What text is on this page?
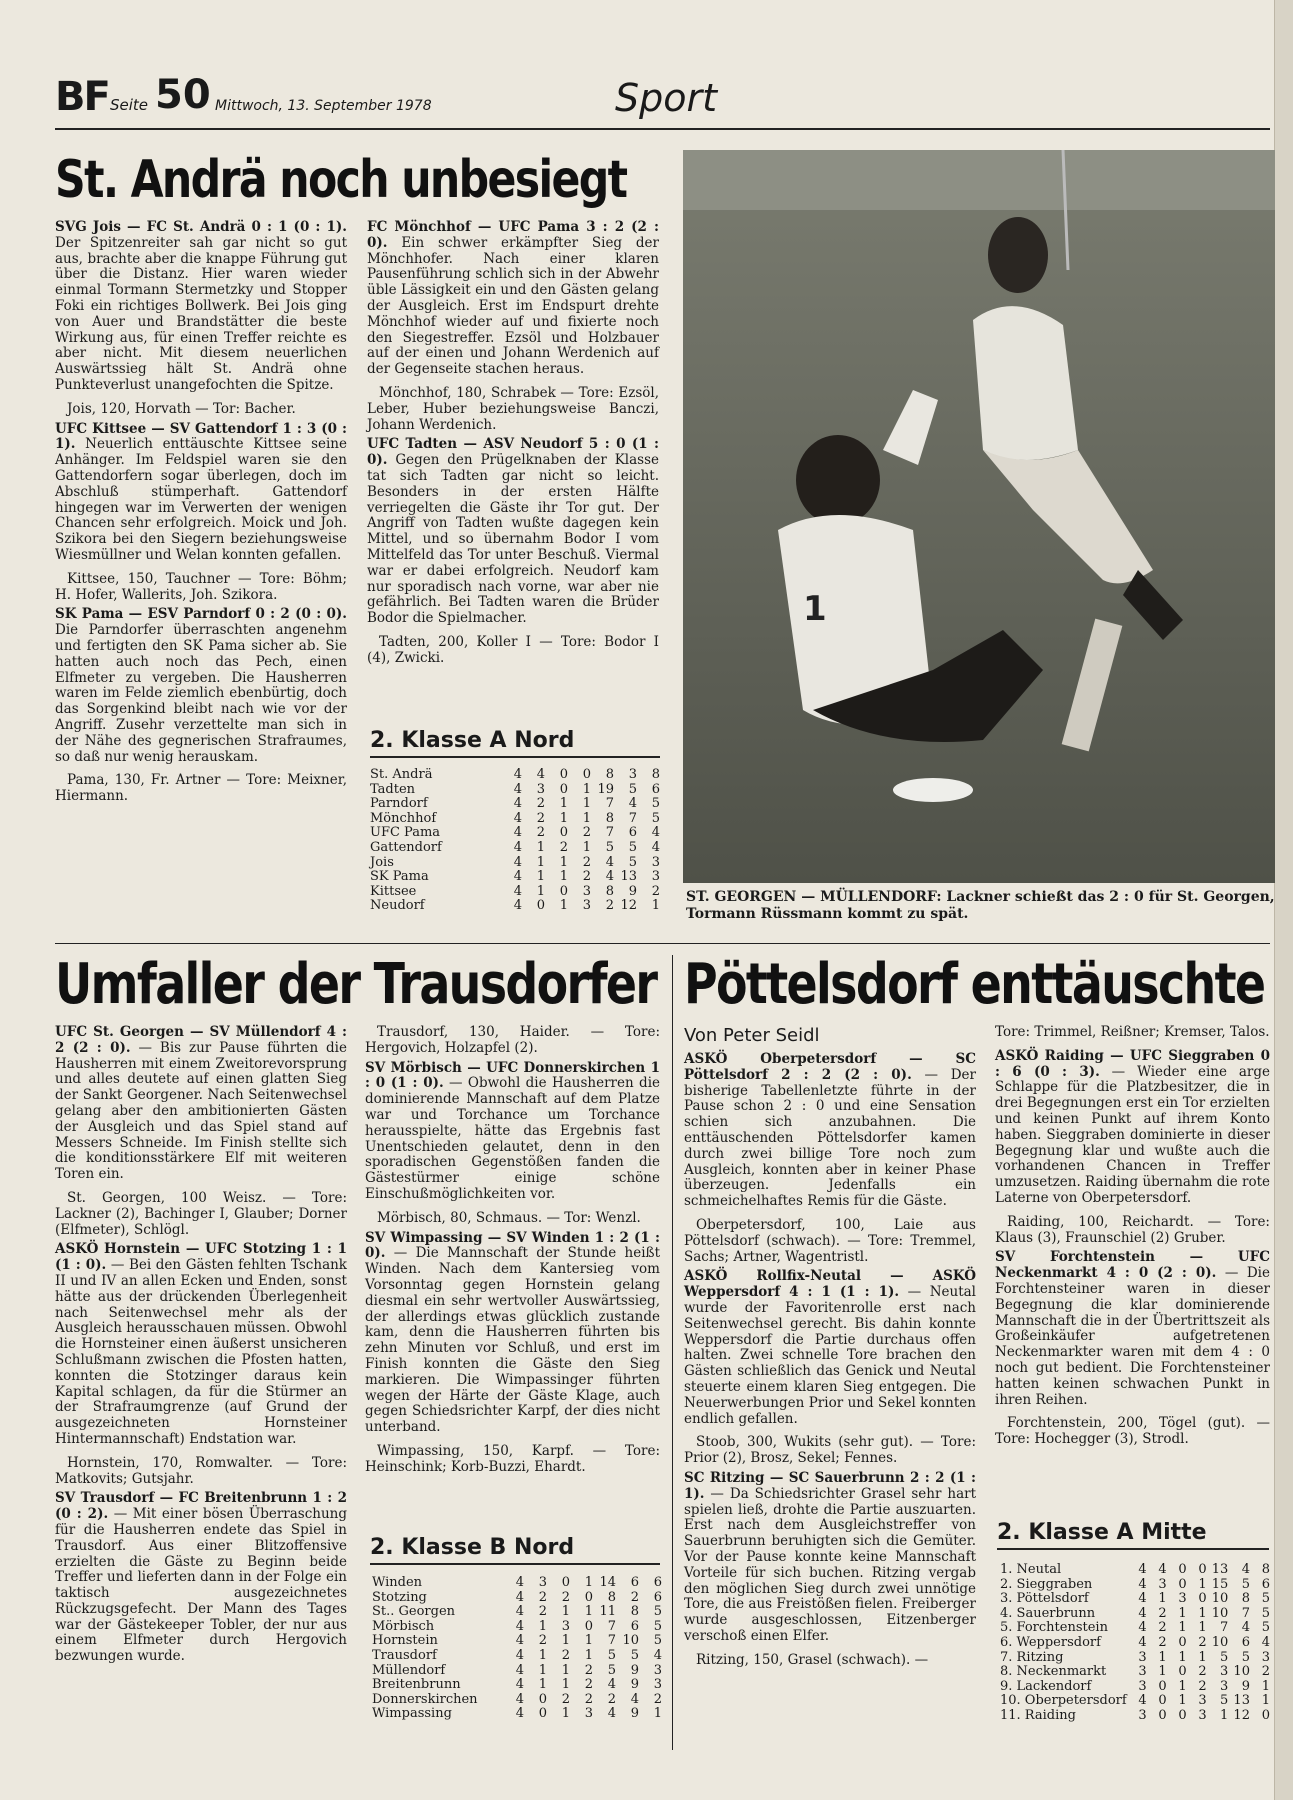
BF Seite 50 Mittwoch, 13. September 1978	Sport
St. Andrä noch unbesiegt

SVG Jois — FC St. Andrä 0 : 1 (0 : 1). Der Spitzenreiter sah gar nicht so gut aus, brachte aber die knappe Führung gut über die Distanz. Hier waren wieder einmal Tormann Stermetzky und Stopper Foki ein richtiges Bollwerk. Bei Jois ging von Auer und Brandstätter die beste Wirkung aus, für einen Treffer reichte es aber nicht. Mit diesem neuerlichen Auswärtssieg hält St. Andrä ohne Punkteverlust unangefochten die Spitze.

Jois, 120, Horvath — Tor: Bacher.

UFC Kittsee — SV Gattendorf 1 : 3 (0 : 1). Neuerlich enttäuschte Kittsee seine Anhänger. Im Feldspiel waren sie den Gattendorfern sogar überlegen, doch im Abschluß stümperhaft. Gattendorf hingegen war im Verwerten der wenigen Chancen sehr erfolgreich. Moick und Joh. Szikora bei den Siegern beziehungsweise Wiesmüllner und Welan konnten gefallen.

Kittsee, 150, Tauchner — Tore: Böhm; H. Hofer, Wallerits, Joh. Szikora.

SK Pama — ESV Parndorf 0 : 2 (0 : 0). Die Parndorfer überraschten angenehm und fertigten den SK Pama sicher ab. Sie hatten auch noch das Pech, einen Elfmeter zu vergeben. Die Hausherren waren im Felde ziemlich ebenbürtig, doch das Sorgenkind bleibt nach wie vor der Angriff. Zusehr verzettelte man sich in der Nähe des gegnerischen Strafraumes, so daß nur wenig herauskam.

Pama, 130, Fr. Artner — Tore: Meixner, Hiermann.

FC Mönchhof — UFC Pama 3 : 2 (2 : 0). Ein schwer erkämpfter Sieg der Mönchhofer. Nach einer klaren Pausenführung schlich sich in der Abwehr üble Lässigkeit ein und den Gästen gelang der Ausgleich. Erst im Endspurt drehte Mönchhof wieder auf und fixierte noch den Siegestreffer. Ezsöl und Holzbauer auf der einen und Johann Werdenich auf der Gegenseite stachen heraus.

Mönchhof, 180, Schrabek — Tore: Ezsöl, Leber, Huber beziehungsweise Banczi, Johann Werdenich.

UFC Tadten — ASV Neudorf 5 : 0 (1 : 0). Gegen den Prügelknaben der Klasse tat sich Tadten gar nicht so leicht. Besonders in der ersten Hälfte verriegelten die Gäste ihr Tor gut. Der Angriff von Tadten wußte dagegen kein Mittel, und so übernahm Bodor I vom Mittelfeld das Tor unter Beschuß. Viermal war er dabei erfolgreich. Neudorf kam nur sporadisch nach vorne, war aber nie gefährlich. Bei Tadten waren die Brüder Bodor die Spielmacher.

Tadten, 200, Koller I — Tore: Bodor I (4), Zwicki.

2. Klasse A Nord
St. Andrä	4	4	0	0	8	3	8
Tadten	4	3	0	1	19	5	6
Parndorf	4	2	1	1	7	4	5
Mönchhof	4	2	1	1	8	7	5
UFC Pama	4	2	0	2	7	6	4
Gattendorf	4	1	2	1	5	5	4
Jois	4	1	1	2	4	5	3
SK Pama	4	1	1	2	4	13	3
Kittsee	4	1	0	3	8	9	2
Neudorf	4	0	1	3	2	12	1
1
ST. GEORGEN — MÜLLENDORF: Lackner schießt das 2 : 0 für St. Georgen, Tormann Rüssmann kommt zu spät.
Umfaller der Trausdorfer

UFC St. Georgen — SV Müllendorf 4 : 2 (2 : 0). — Bis zur Pause führten die Hausherren mit einem Zweitorevorsprung und alles deutete auf einen glatten Sieg der Sankt Georgener. Nach Seitenwechsel gelang aber den ambitionierten Gästen der Ausgleich und das Spiel stand auf Messers Schneide. Im Finish stellte sich die konditionsstärkere Elf mit weiteren Toren ein.

St. Georgen, 100 Weisz. — Tore: Lackner (2), Bachinger I, Glauber; Dorner (Elfmeter), Schlögl.

ASKÖ Hornstein — UFC Stotzing 1 : 1 (1 : 0). — Bei den Gästen fehlten Tschank II und IV an allen Ecken und Enden, sonst hätte aus der drückenden Überlegenheit nach Seitenwechsel mehr als der Ausgleich herausschauen müssen. Obwohl die Hornsteiner einen äußerst unsicheren Schlußmann zwischen die Pfosten hatten, konnten die Stotzinger daraus kein Kapital schlagen, da für die Stürmer an der Strafraumgrenze (auf Grund der ausgezeichneten Hornsteiner Hintermannschaft) Endstation war.

Hornstein, 170, Romwalter. — Tore: Matkovits; Gutsjahr.

SV Trausdorf — FC Breitenbrunn 1 : 2 (0 : 2). — Mit einer bösen Überraschung für die Hausherren endete das Spiel in Trausdorf. Aus einer Blitzoffensive erzielten die Gäste zu Beginn beide Treffer und lieferten dann in der Folge ein taktisch ausgezeichnetes Rückzugsgefecht. Der Mann des Tages war der Gästekeeper Tobler, der nur aus einem Elfmeter durch Hergovich bezwungen wurde.

Trausdorf, 130, Haider. — Tore: Hergovich, Holzapfel (2).

SV Mörbisch — UFC Donnerskirchen 1 : 0 (1 : 0). — Obwohl die Hausherren die dominierende Mannschaft auf dem Platze war und Torchance um Torchance herausspielte, hätte das Ergebnis fast Unentschieden gelautet, denn in den sporadischen Gegenstößen fanden die Gästestürmer einige schöne Einschußmöglichkeiten vor.

Mörbisch, 80, Schmaus. — Tor: Wenzl.

SV Wimpassing — SV Winden 1 : 2 (1 : 0). — Die Mannschaft der Stunde heißt Winden. Nach dem Kantersieg vom Vorsonntag gegen Hornstein gelang diesmal ein sehr wertvoller Auswärtssieg, der allerdings etwas glücklich zustande kam, denn die Hausherren führten bis zehn Minuten vor Schluß, und erst im Finish konnten die Gäste den Sieg markieren. Die Wimpassinger führten wegen der Härte der Gäste Klage, auch gegen Schiedsrichter Karpf, der dies nicht unterband.

Wimpassing, 150, Karpf. — Tore: Heinschink; Korb-Buzzi, Ehardt.

2. Klasse B Nord
Winden	4	3	0	1	14	6	6
Stotzing	4	2	2	0	8	2	6
St.. Georgen	4	2	1	1	11	8	5
Mörbisch	4	1	3	0	7	6	5
Hornstein	4	2	1	1	7	10	5
Trausdorf	4	1	2	1	5	5	4
Müllendorf	4	1	1	2	5	9	3
Breitenbrunn	4	1	1	2	4	9	3
Donnerskirchen	4	0	2	2	2	4	2
Wimpassing	4	0	1	3	4	9	1
Pöttelsdorf enttäuschte
Von Peter Seidl

ASKÖ Oberpetersdorf — SC Pöttelsdorf 2 : 2 (2 : 0). — Der bisherige Tabellenletzte führte in der Pause schon 2 : 0 und eine Sensation schien sich anzubahnen. Die enttäuschenden Pöttelsdorfer kamen durch zwei billige Tore noch zum Ausgleich, konnten aber in keiner Phase überzeugen. Jedenfalls ein schmeichelhaftes Remis für die Gäste.

Oberpetersdorf, 100, Laie aus Pöttelsdorf (schwach). — Tore: Tremmel, Sachs; Artner, Wagentristl.

ASKÖ Rollfix-Neutal — ASKÖ Weppersdorf 4 : 1 (1 : 1). — Neutal wurde der Favoritenrolle erst nach Seitenwechsel gerecht. Bis dahin konnte Weppersdorf die Partie durchaus offen halten. Zwei schnelle Tore brachen den Gästen schließlich das Genick und Neutal steuerte einem klaren Sieg entgegen. Die Neuerwerbungen Prior und Sekel konnten endlich gefallen.

Stoob, 300, Wukits (sehr gut). — Tore: Prior (2), Brosz, Sekel; Fennes.

SC Ritzing — SC Sauerbrunn 2 : 2 (1 : 1). — Da Schiedsrichter Grasel sehr hart spielen ließ, drohte die Partie auszuarten. Erst nach dem Ausgleichstreffer von Sauerbrunn beruhigten sich die Gemüter. Vor der Pause konnte keine Mannschaft Vorteile für sich buchen. Ritzing vergab den möglichen Sieg durch zwei unnötige Tore, die aus Freistößen fielen. Freiberger wurde ausgeschlossen, Eitzenberger verschoß einen Elfer.

Ritzing, 150, Grasel (schwach). —

Tore: Trimmel, Reißner; Kremser, Talos.

ASKÖ Raiding — UFC Sieggraben 0 : 6 (0 : 3). — Wieder eine arge Schlappe für die Platzbesitzer, die in drei Begegnungen erst ein Tor erzielten und keinen Punkt auf ihrem Konto haben. Sieggraben dominierte in dieser Begegnung klar und wußte auch die vorhandenen Chancen in Treffer umzusetzen. Raiding übernahm die rote Laterne von Oberpetersdorf.

Raiding, 100, Reichardt. — Tore: Klaus (3), Fraunschiel (2) Gruber.

SV Forchtenstein — UFC Neckenmarkt 4 : 0 (2 : 0). — Die Forchtensteiner waren in dieser Begegnung die klar dominierende Mannschaft die in der Übertrittszeit als Großeinkäufer aufgetretenen Neckenmarkter waren mit dem 4 : 0 noch gut bedient. Die Forchtensteiner hatten keinen schwachen Punkt in ihren Reihen.

Forchtenstein, 200, Tögel (gut). — Tore: Hochegger (3), Strodl.

2. Klasse A Mitte
1. Neutal	4	4	0	0	13	4	8
2. Sieggraben	4	3	0	1	15	5	6
3. Pöttelsdorf	4	1	3	0	10	8	5
4. Sauerbrunn	4	2	1	1	10	7	5
5. Forchtenstein	4	2	1	1	7	4	5
6. Weppersdorf	4	2	0	2	10	6	4
7. Ritzing	3	1	1	1	5	5	3
8. Neckenmarkt	3	1	0	2	3	10	2
9. Lackendorf	3	0	1	2	3	9	1
10. Oberpetersdorf	4	0	1	3	5	13	1
11. Raiding	3	0	0	3	1	12	0
